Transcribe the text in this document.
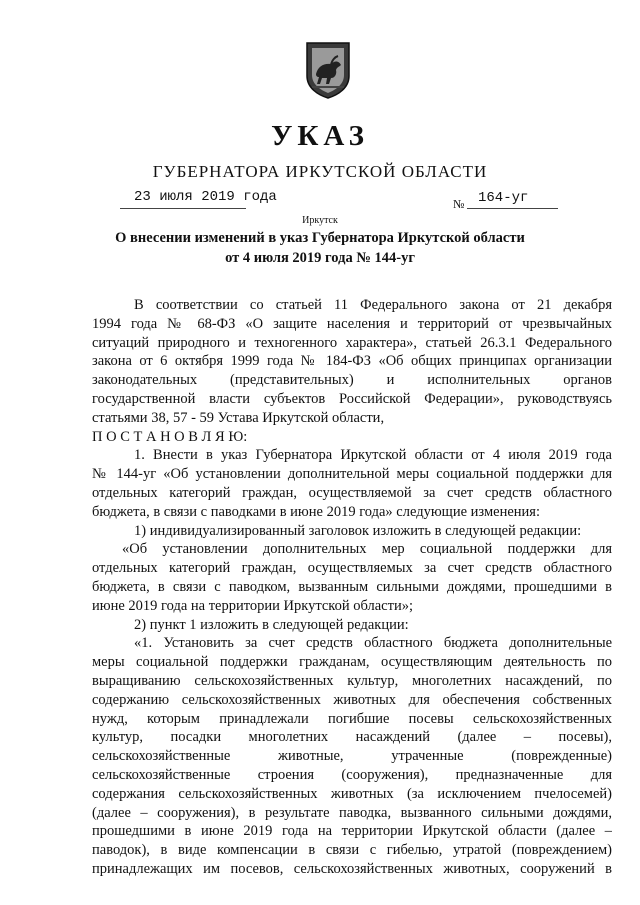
УКАЗ
ГУБЕРНАТОРА ИРКУТСКОЙ ОБЛАСТИ
23 июля 2019 года	№ 164-уг
Иркутск
О внесении изменений в указ Губернатора Иркутской области
от 4 июля 2019 года № 144-уг
В соответствии со статьей 11 Федерального закона от 21 декабря
1994 года № 68-ФЗ «О защите населения и территорий от чрезвычайных
ситуаций природного и техногенного характера», статьей 26.3.1 Федерального
закона от 6 октября 1999 года № 184-ФЗ «Об общих принципах организации
законодательных (представительных) и исполнительных органов
государственной власти субъектов Российской Федерации», руководствуясь
статьями 38, 57 - 59 Устава Иркутской области,
П О С Т А Н О В Л Я Ю:
1. Внести в указ Губернатора Иркутской области от 4 июля 2019 года
№ 144-уг «Об установлении дополнительной меры социальной поддержки для
отдельных категорий граждан, осуществляемой за счет средств областного
бюджета, в связи с паводками в июне 2019 года» следующие изменения:
1) индивидуализированный заголовок изложить в следующей редакции:
«Об установлении дополнительных мер социальной поддержки для
отдельных категорий граждан, осуществляемых за счет средств областного
бюджета, в связи с паводком, вызванным сильными дождями, прошедшими в
июне 2019 года на территории Иркутской области»;
2) пункт 1 изложить в следующей редакции:
«1. Установить за счет средств областного бюджета дополнительные
меры социальной поддержки гражданам, осуществляющим деятельность по
выращиванию сельскохозяйственных культур, многолетних насаждений, по
содержанию сельскохозяйственных животных для обеспечения собственных
нужд, которым принадлежали погибшие посевы сельскохозяйственных
культур, посадки многолетних насаждений (далее – посевы),
сельскохозяйственные животные, утраченные (поврежденные)
сельскохозяйственные строения (сооружения), предназначенные для
содержания сельскохозяйственных животных (за исключением пчелосемей)
(далее – сооружения), в результате паводка, вызванного сильными дождями,
прошедшими в июне 2019 года на территории Иркутской области (далее –
паводок), в виде компенсации в связи с гибелью, утратой (повреждением)
принадлежащих им посевов, сельскохозяйственных животных, сооружений в
